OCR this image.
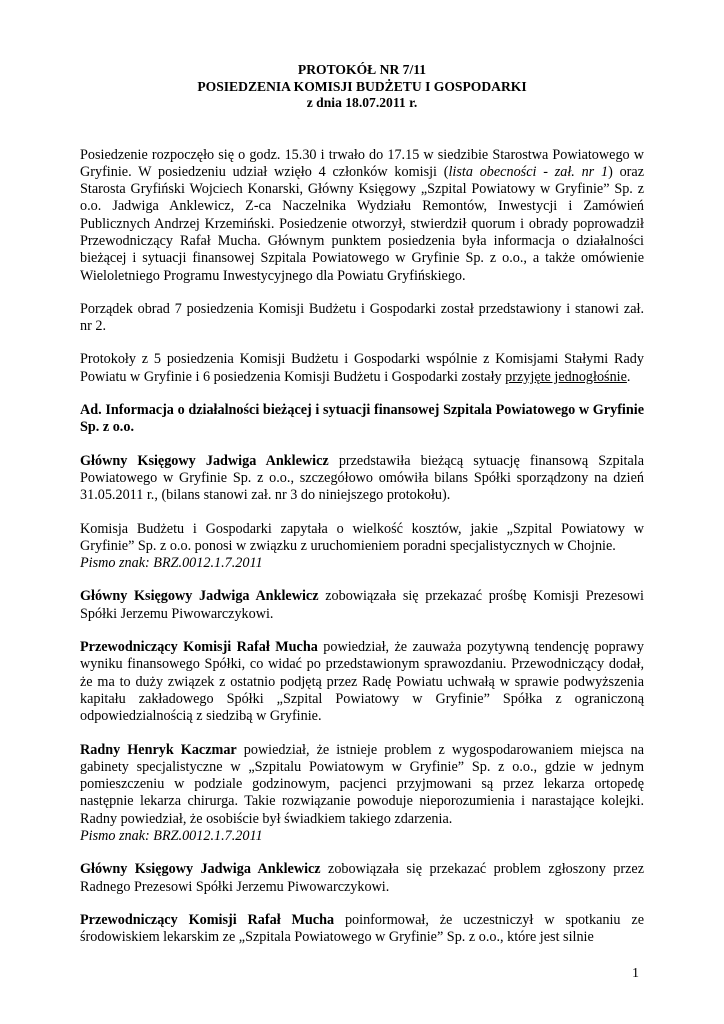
PROTOKÓŁ NR 7/11

POSIEDZENIA KOMISJI BUDŻETU I GOSPODARKI

z dnia 18.07.2011 r.

Posiedzenie rozpoczęło się o godz. 15.30 i trwało do 17.15 w siedzibie Starostwa Powiatowego w Gryfinie. W posiedzeniu udział wzięło 4 członków komisji (lista obecności - zał. nr 1) oraz Starosta Gryfiński Wojciech Konarski, Główny Księgowy „Szpital Powiatowy w Gryfinie” Sp. z o.o. Jadwiga Anklewicz, Z-ca Naczelnika Wydziału Remontów, Inwestycji i Zamówień Publicznych Andrzej Krzemiński. Posiedzenie otworzył, stwierdził quorum i obrady poprowadził Przewodniczący Rafał Mucha. Głównym punktem posiedzenia była informacja o działalności bieżącej i sytuacji finansowej Szpitala Powiatowego w Gryfinie Sp. z o.o., a także omówienie Wieloletniego Programu Inwestycyjnego dla Powiatu Gryfińskiego.

Porządek obrad 7 posiedzenia Komisji Budżetu i Gospodarki został przedstawiony i stanowi zał. nr 2.

Protokoły z 5 posiedzenia Komisji Budżetu i Gospodarki wspólnie z Komisjami Stałymi Rady Powiatu w Gryfinie i 6 posiedzenia Komisji Budżetu i Gospodarki zostały przyjęte jednogłośnie.

Ad. Informacja o działalności bieżącej i sytuacji finansowej Szpitala Powiatowego w Gryfinie Sp. z o.o.

Główny Księgowy Jadwiga Anklewicz przedstawiła bieżącą sytuację finansową Szpitala Powiatowego w Gryfinie Sp. z o.o., szczegółowo omówiła bilans Spółki sporządzony na dzień 31.05.2011 r., (bilans stanowi zał. nr 3 do niniejszego protokołu).

Komisja Budżetu i Gospodarki zapytała o wielkość kosztów, jakie „Szpital Powiatowy w Gryfinie” Sp. z o.o. ponosi w związku z uruchomieniem poradni specjalistycznych w Chojnie.
Pismo znak: BRZ.0012.1.7.2011

Główny Księgowy Jadwiga Anklewicz zobowiązała się przekazać prośbę Komisji Prezesowi Spółki Jerzemu Piwowarczykowi.

Przewodniczący Komisji Rafał Mucha powiedział, że zauważa pozytywną tendencję poprawy wyniku finansowego Spółki, co widać po przedstawionym sprawozdaniu. Przewodniczący dodał, że ma to duży związek z ostatnio podjętą przez Radę Powiatu uchwałą w sprawie podwyższenia kapitału zakładowego Spółki „Szpital Powiatowy w Gryfinie” Spółka z ograniczoną odpowiedzialnością z siedzibą w Gryfinie.

Radny Henryk Kaczmar powiedział, że istnieje problem z wygospodarowaniem miejsca na gabinety specjalistyczne w „Szpitalu Powiatowym w Gryfinie” Sp. z o.o., gdzie w jednym pomieszczeniu w podziale godzinowym, pacjenci przyjmowani są przez lekarza ortopedę następnie lekarza chirurga. Takie rozwiązanie powoduje nieporozumienia i narastające kolejki. Radny powiedział, że osobiście był świadkiem takiego zdarzenia.
Pismo znak: BRZ.0012.1.7.2011

Główny Księgowy Jadwiga Anklewicz zobowiązała się przekazać problem zgłoszony przez Radnego Prezesowi Spółki Jerzemu Piwowarczykowi.

Przewodniczący Komisji Rafał Mucha poinformował, że uczestniczył w spotkaniu ze środowiskiem lekarskim ze „Szpitala Powiatowego w Gryfinie” Sp. z o.o., które jest silnie

1
